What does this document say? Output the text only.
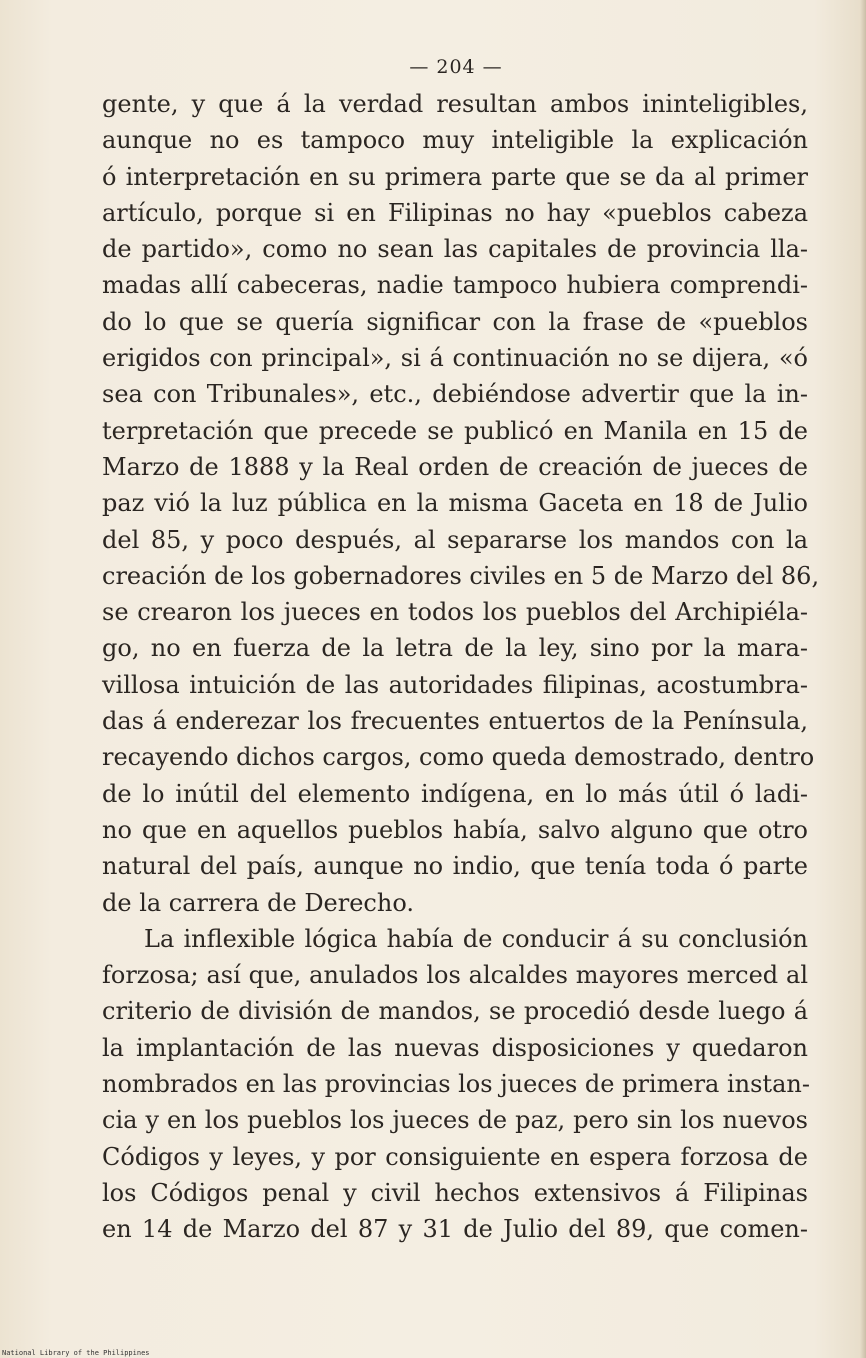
— 204 —
gente, y que á la verdad resultan ambos ininteligibles,
aunque no es tampoco muy inteligible la explicación
ó interpretación en su primera parte que se da al primer
artículo, porque si en Filipinas no hay «pueblos cabeza
de partido», como no sean las capitales de provincia lla-
madas allí cabeceras, nadie tampoco hubiera comprendi-
do lo que se quería significar con la frase de «pueblos
erigidos con principal», si á continuación no se dijera, «ó
sea con Tribunales», etc., debiéndose advertir que la in-
terpretación que precede se publicó en Manila en 15 de
Marzo de 1888 y la Real orden de creación de jueces de
paz vió la luz pública en la misma Gaceta en 18 de Julio
del 85, y poco después, al separarse los mandos con la
creación de los gobernadores civiles en 5 de Marzo del 86,
se crearon los jueces en todos los pueblos del Archipiéla-
go, no en fuerza de la letra de la ley, sino por la mara-
villosa intuición de las autoridades filipinas, acostumbra-
das á enderezar los frecuentes entuertos de la Península,
recayendo dichos cargos, como queda demostrado, dentro
de lo inútil del elemento indígena, en lo más útil ó ladi-
no que en aquellos pueblos había, salvo alguno que otro
natural del país, aunque no indio, que tenía toda ó parte
de la carrera de Derecho.
La inflexible lógica había de conducir á su conclusión
forzosa; así que, anulados los alcaldes mayores merced al
criterio de división de mandos, se procedió desde luego á
la implantación de las nuevas disposiciones y quedaron
nombrados en las provincias los jueces de primera instan-
cia y en los pueblos los jueces de paz, pero sin los nuevos
Códigos y leyes, y por consiguiente en espera forzosa de
los Códigos penal y civil hechos extensivos á Filipinas
en 14 de Marzo del 87 y 31 de Julio del 89, que comen-
National Library of the Philippines
